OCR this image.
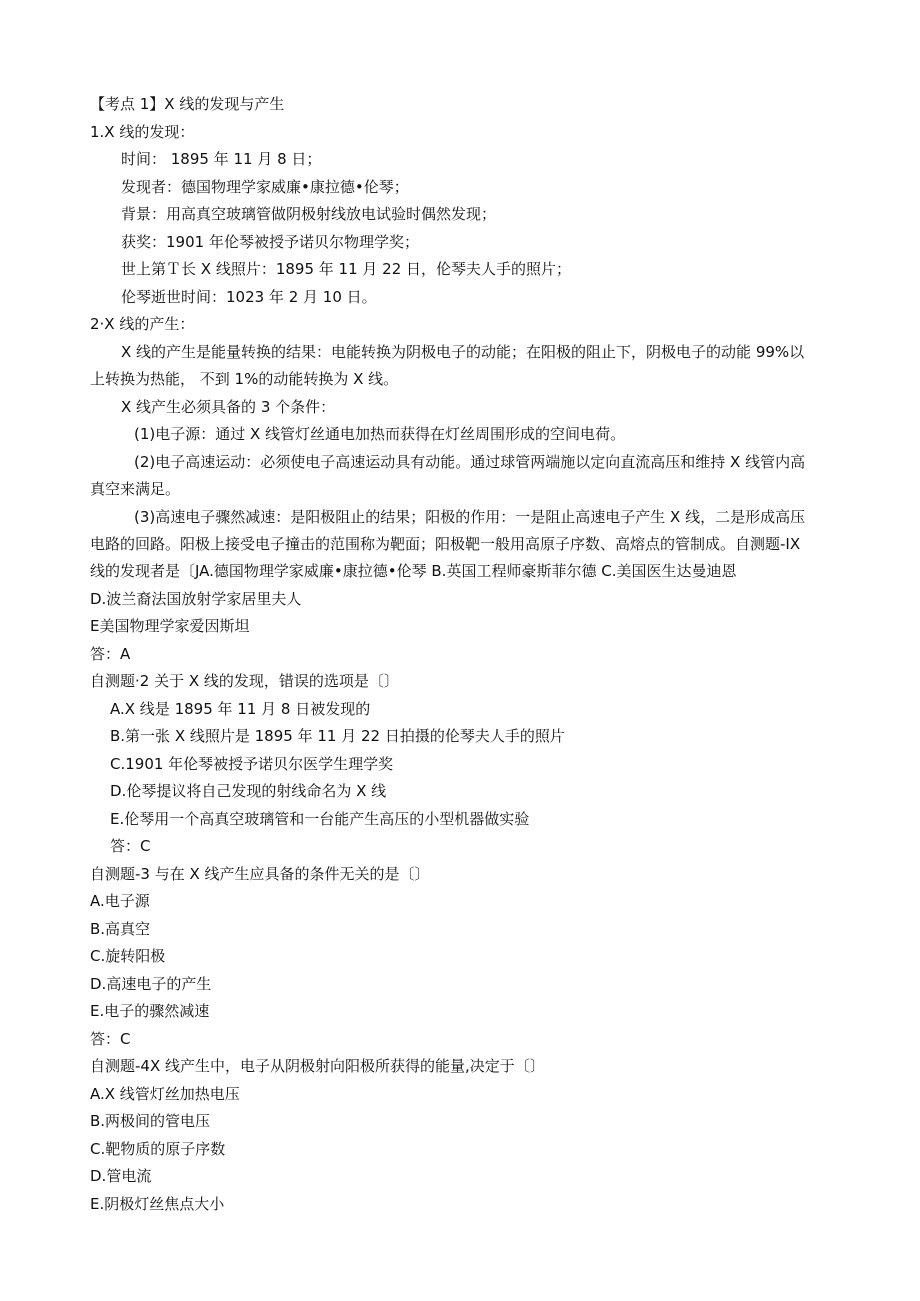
【考点 1】X 线的发现与产生
1.X 线的发现：
时间： 1895 年 11 月 8 日；
发现者：德国物理学家威廉•康拉德•伦琴；
背景：用高真空玻璃管做阴极射线放电试验时偶然发现；
获奖：1901 年伦琴被授予诺贝尔物理学奖；
世上第Ｔ长 X 线照片：1895 年 11 月 22 日，伦琴夫人手的照片；
伦琴逝世时间：1023 年 2 月 10 日。
2·X 线的产生：
X 线的产生是能量转换的结果：电能转换为阴极电子的动能；在阳极的阻止下，阴极电子的动能 99%以
上转换为热能， 不到 1%的动能转换为 X 线。
X 线产生必须具备的 3 个条件：
(1)电子源：通过 X 线管灯丝通电加热而获得在灯丝周围形成的空间电荷。
(2)电子高速运动：必须使电子高速运动具有动能。通过球管两端施以定向直流高压和维持 X 线管内高
真空来满足。
(3)高速电子骤然减速：是阳极阻止的结果；阳极的作用：一是阻止高速电子产生 X 线，二是形成高压
电路的回路。阳极上接受电子撞击的范围称为靶面；阳极靶一般用高原子序数、高熔点的管制成。自测题-IX
线的发现者是〔JA.德国物理学家威廉•康拉德•伦琴 B.英国工程师豪斯菲尔德 C.美国医生达曼迪恩
D.波兰裔法国放射学家居里夫人
E美国物理学家爱因斯坦
答：A
自测题·2 关于 X 线的发现，错误的选项是〔〕
A.X 线是 1895 年 11 月 8 日被发现的
B.第一张 X 线照片是 1895 年 11 月 22 日拍摄的伦琴夫人手的照片
C.1901 年伦琴被授予诺贝尔医学生理学奖
D.伦琴提议将自己发现的射线命名为 X 线
E.伦琴用一个高真空玻璃管和一台能产生高压的小型机器做实验
答：C
自测题-3 与在 X 线产生应具备的条件无关的是〔〕
A.电子源
B.高真空
C.旋转阳极
D.高速电子的产生
E.电子的骤然减速
答：C
自测题-4X 线产生中，电子从阴极射向阳极所获得的能量,决定于〔〕
A.X 线管灯丝加热电压
B.两极间的管电压
C.靶物质的原子序数
D.管电流
E.阴极灯丝焦点大小
